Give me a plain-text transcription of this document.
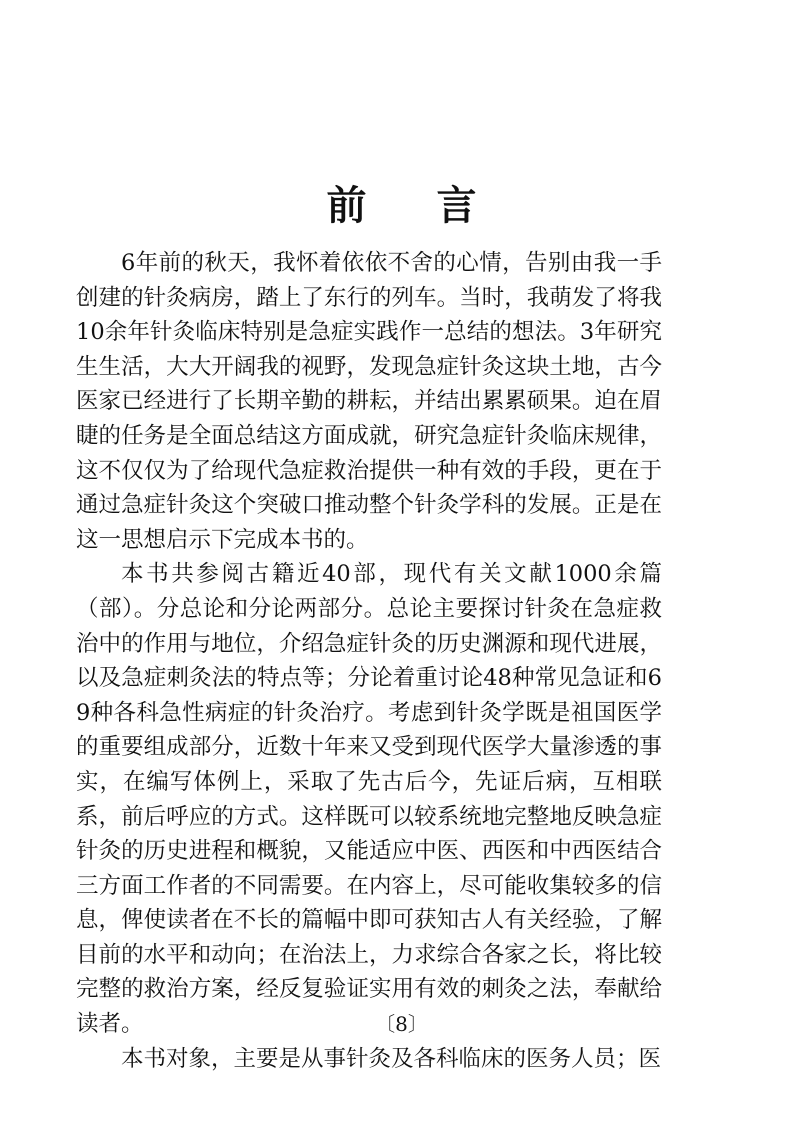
前 言

6年前的秋天，我怀着依依不舍的心情，告别由我一手创建的针灸病房，踏上了东行的列车。当时，我萌发了将我10余年针灸临床特别是急症实践作一总结的想法。3年研究生生活，大大开阔我的视野，发现急症针灸这块土地，古今医家已经进行了长期辛勤的耕耘，并结出累累硕果。迫在眉睫的任务是全面总结这方面成就，研究急症针灸临床规律，这不仅仅为了给现代急症救治提供一种有效的手段，更在于通过急症针灸这个突破口推动整个针灸学科的发展。正是在这一思想启示下完成本书的。

本书共参阅古籍近40部，现代有关文献1000余篇（部）。分总论和分论两部分。总论主要探讨针灸在急症救治中的作用与地位，介绍急症针灸的历史渊源和现代进展，以及急症刺灸法的特点等；分论着重讨论48种常见急证和69种各科急性病症的针灸治疗。考虑到针灸学既是祖国医学的重要组成部分，近数十年来又受到现代医学大量渗透的事实，在编写体例上，采取了先古后今，先证后病，互相联系，前后呼应的方式。这样既可以较系统地完整地反映急症针灸的历史进程和概貌，又能适应中医、西医和中西医结合三方面工作者的不同需要。在内容上，尽可能收集较多的信息，俾使读者在不长的篇幅中即可获知古人有关经验，了解目前的水平和动向；在治法上，力求综合各家之长，将比较完整的救治方案，经反复验证实用有效的刺灸之法，奉献给读者。

本书对象，主要是从事针灸及各科临床的医务人员；医

〔8〕
